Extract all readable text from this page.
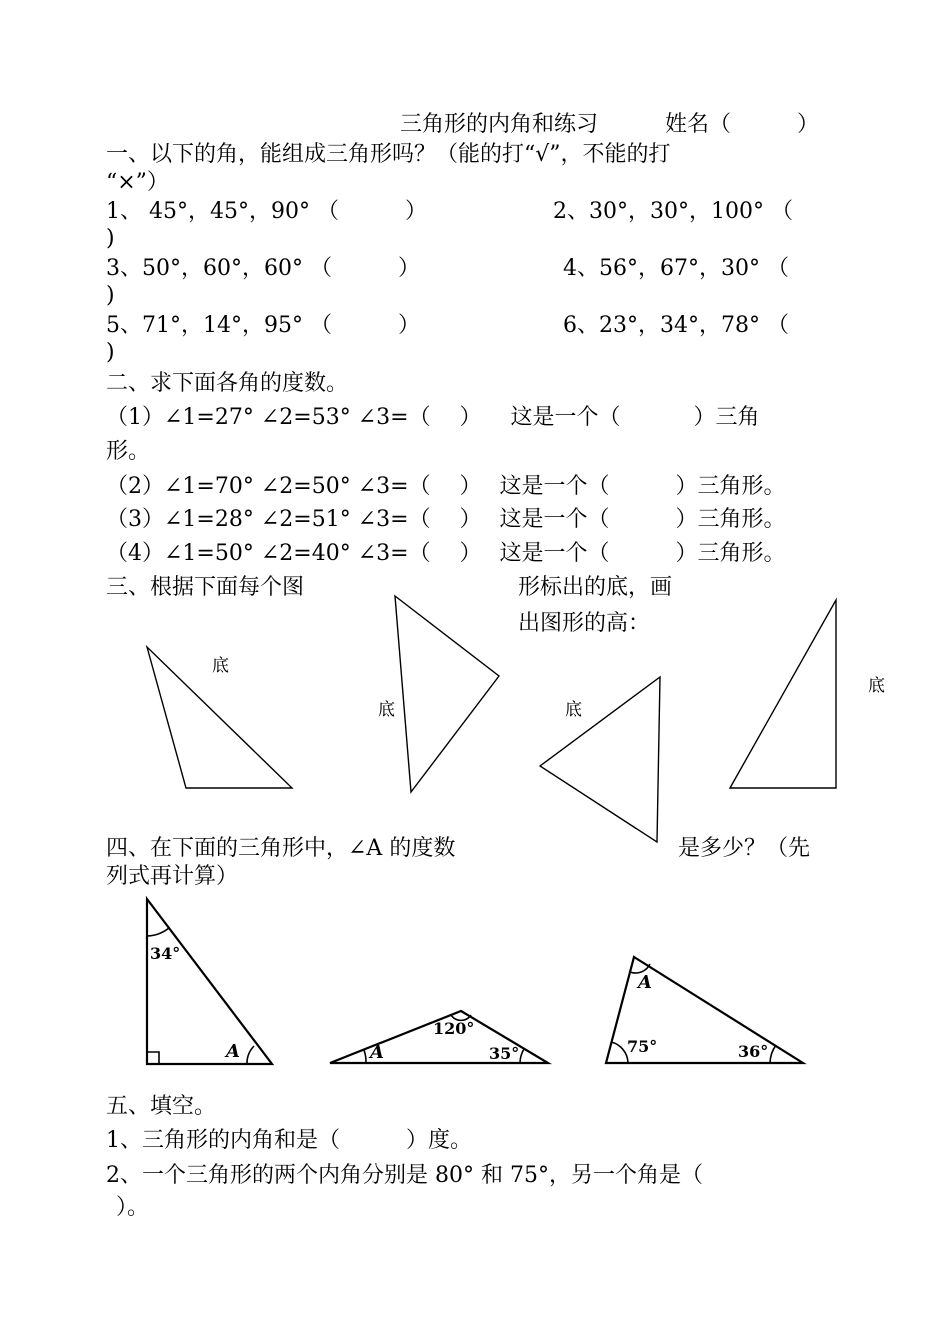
三角形的内角和练习	姓名（　　　）
一、以下的角，能组成三角形吗？（能的打“√”，不能的打
“×”）
1、 45°，45°，90° （　　　）	2、30°，30°，100° （
)
3、50°，60°，60° （　　　）	4、56°，67°，30° （
)
5、71°，14°，95° （　　　）	6、23°，34°，78° （
)
二、求下面各角的度数。
（1）∠1=27° ∠2=53° ∠3=（　 ） 　这是一个（　　　 ）三角
形。
（2）∠1=70° ∠2=50° ∠3=（　 ）　 这是一个（　　　）三角形。
（3）∠1=28° ∠2=51° ∠3=（　 ）　 这是一个（　　　）三角形。
（4）∠1=50° ∠2=40° ∠3=（　 ）　 这是一个（　　　）三角形。
三、根据下面每个图	形标出的底，画
出图形的高：
底
底	底
底
四、在下面的三角形中，∠A 的度数	是多少？（先
列式再计算）
34°
A	A
120°
35°
A
75°	36°
五、填空。
1、三角形的内角和是（　　　）度。
2、一个三角形的两个内角分别是 80° 和 75°，另一个角是（
）。
